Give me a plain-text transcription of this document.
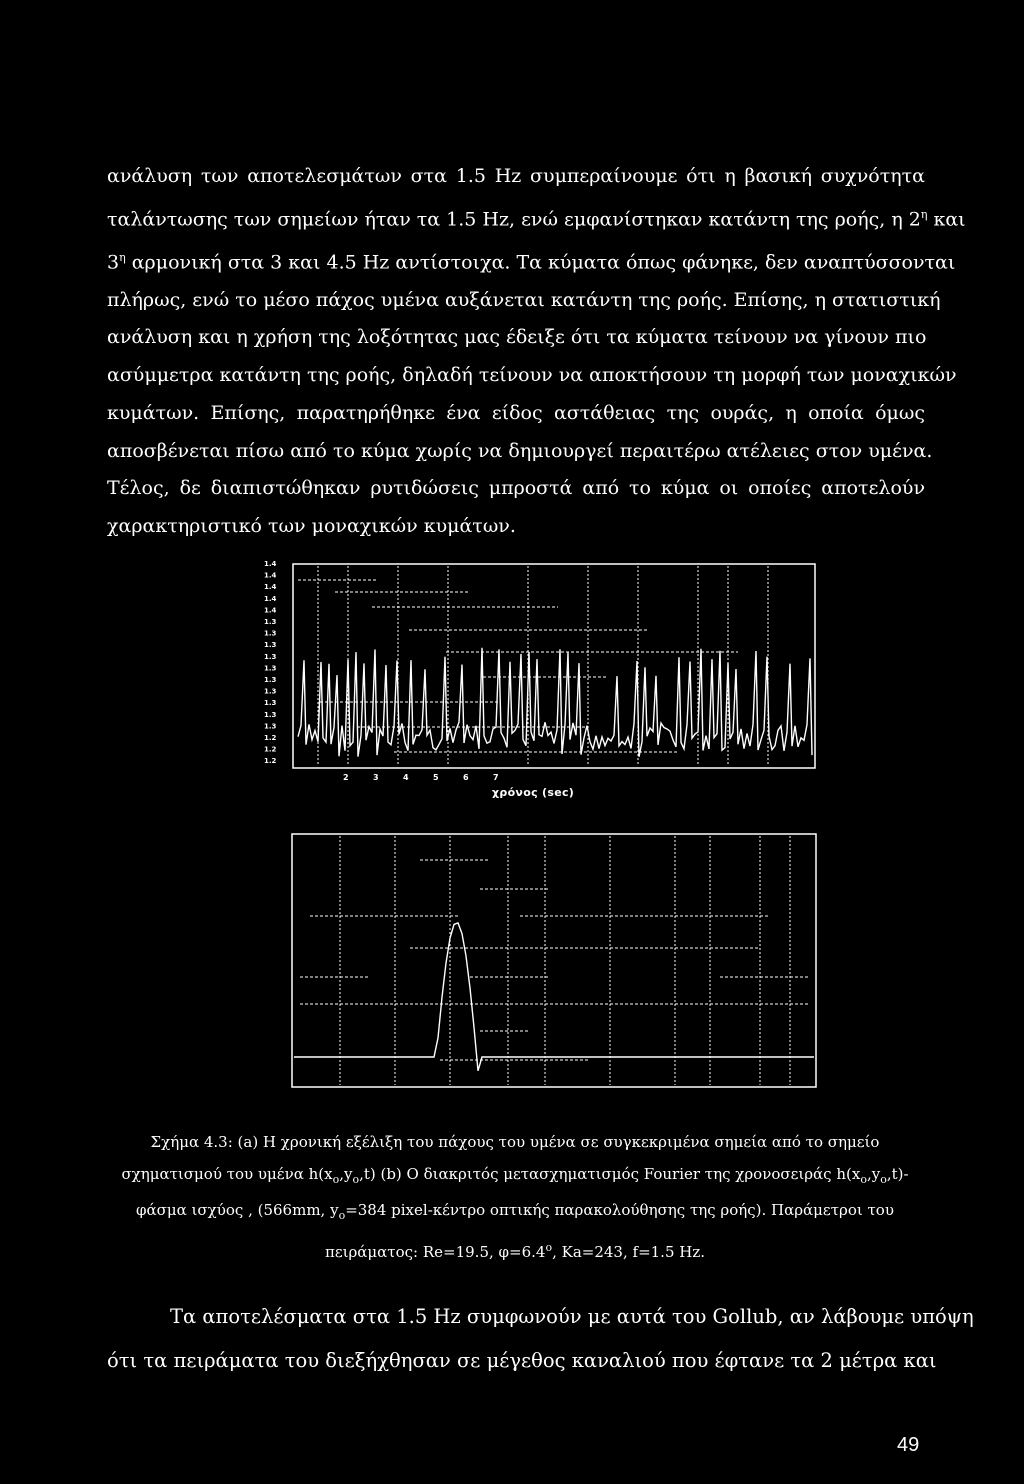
ανάλυση των αποτελεσμάτων στα 1.5 Hz συμπεραίνουμε ότι η βασική συχνότητα
ταλάντωσης των σημείων ήταν τα 1.5 Hz, ενώ εμφανίστηκαν κατάντη της ροής, η $2^\eta$ και
$3^\eta$ αρμονική στα 3 και 4.5 Hz αντίστοιχα. Τα κύματα όπως φάνηκε, δεν αναπτύσσονται
πλήρως, ενώ το μέσο πάχος υμένα αυξάνεται κατάντη της ροής. Επίσης, η στατιστική
ανάλυση και η χρήση της λοξότητας μας έδειξε ότι τα κύματα τείνουν να γίνουν πιο
ασύμμετρα κατάντη της ροής, δηλαδή τείνουν να αποκτήσουν τη μορφή των μοναχικών
κυμάτων. Επίσης, παρατηρήθηκε ένα είδος αστάθειας της ουράς, η οποία όμως
αποσβένεται πίσω από το κύμα χωρίς να δημιουργεί περαιτέρω ατέλειες στον υμένα.
Τέλος, δε διαπιστώθηκαν ρυτιδώσεις μπροστά από το κύμα οι οποίες αποτελούν
χαρακτηριστικό των μοναχικών κυμάτων.
1.4
1.4
1.4
1.4
1.4
1.3
1.3
1.3
1.3
1.3
1.3
1.3
1.3
1.3
1.3
1.2
1.2
1.2
2	3	4	5	6	7
χρόνος (sec)
Σχήμα 4.3: (a) Η χρονική εξέλιξη του πάχους του υμένα σε συγκεκριμένα σημεία από το σημείο
σχηματισμού του υμένα $h(x_o,y_o,t)$ (b) Ο διακριτός μετασχηματισμός Fourier της χρονοσειράς $h(x_o,y_o,t)-$
φάσμα ισχύος , (566mm, $y_o=384$ pixel-κέντρο οπτικής παρακολούθησης της ροής). Παράμετροι του
πειράματος: Re=19.5, $\varphi=6.4^o$, Ka=243, f=1.5 Hz.
Τα αποτελέσματα στα 1.5 Hz συμφωνούν με αυτά του Gollub, αν λάβουμε υπόψη
ότι τα πειράματα του διεξήχθησαν σε μέγεθος καναλιού που έφτανε τα 2 μέτρα και
49
